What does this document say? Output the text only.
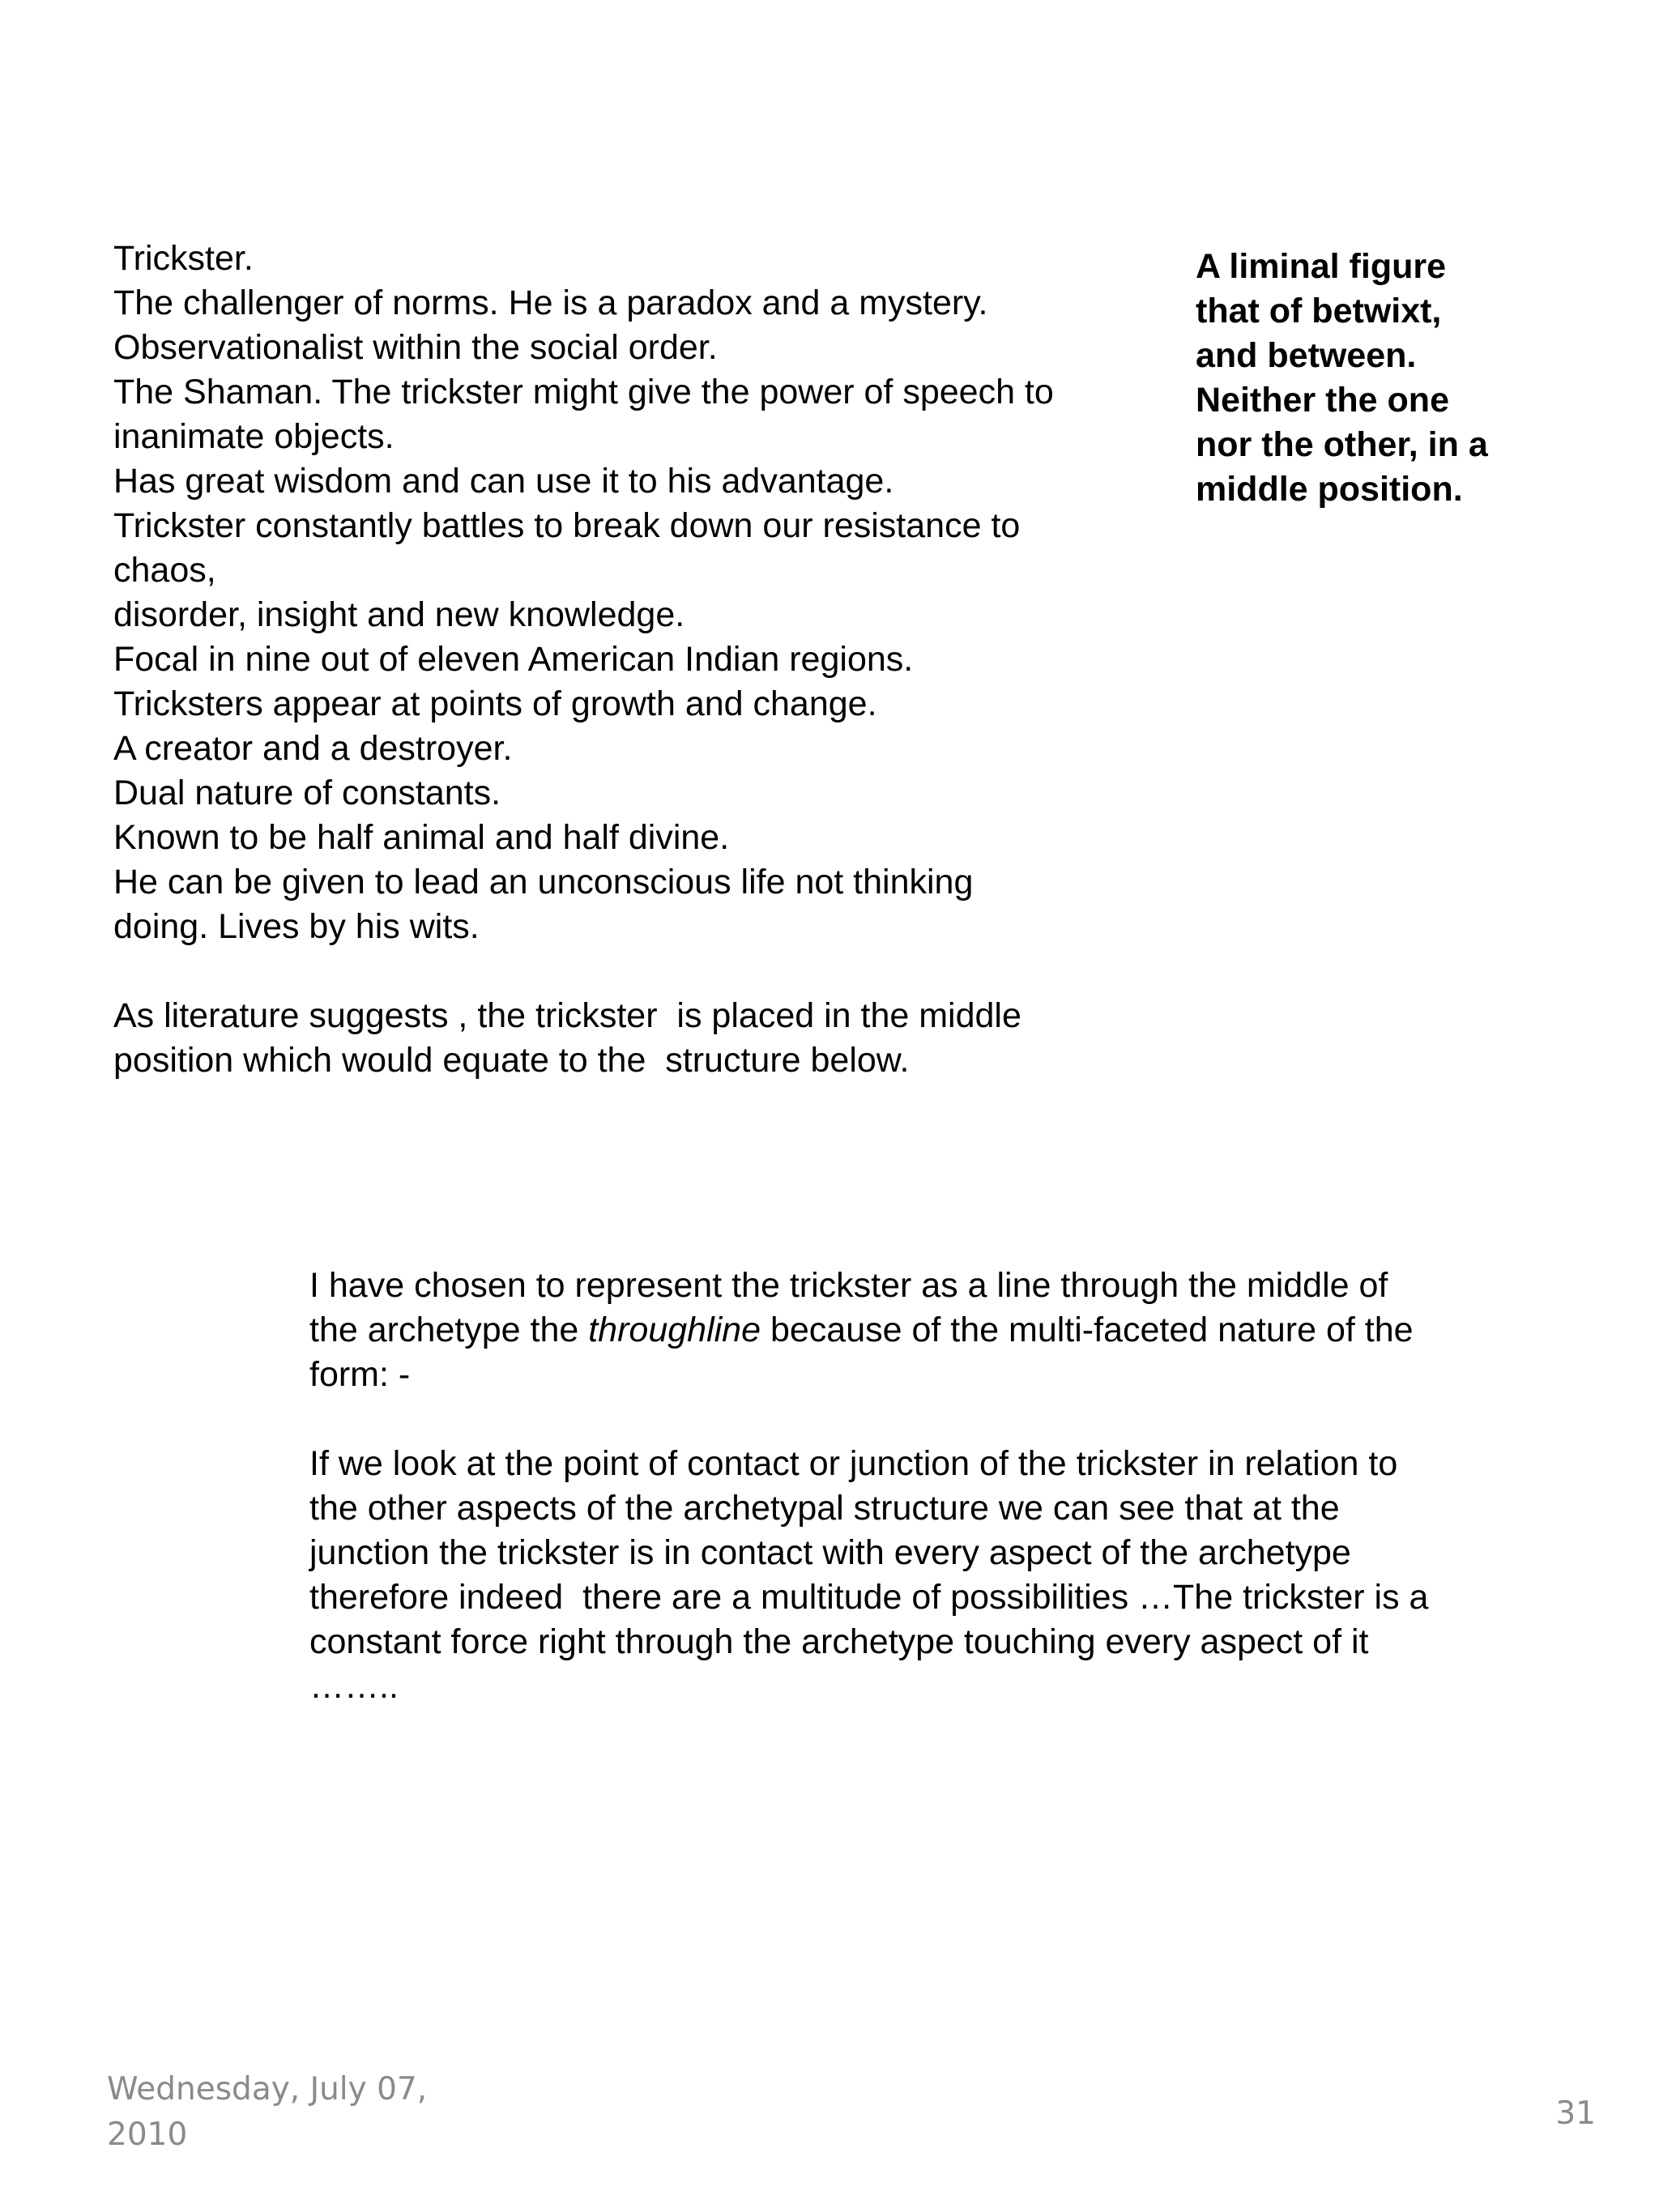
Trickster.
The challenger of norms. He is a paradox and a mystery.
Observationalist within the social order.
The Shaman. The trickster might give the power of speech to
inanimate objects.
Has great wisdom and can use it to his advantage.
Trickster constantly battles to break down our resistance to
chaos,
disorder, insight and new knowledge.
Focal in nine out of eleven American Indian regions.
Tricksters appear at points of growth and change.
A creator and a destroyer.
Dual nature of constants.
Known to be half animal and half divine.
He can be given to lead an unconscious life not thinking
doing. Lives by his wits.
As literature suggests , the trickster  is placed in the middle
position which would equate to the  structure below.
A liminal figure
that of betwixt,
and between.
Neither the one
nor the other, in a
middle position.
I have chosen to represent the trickster as a line through the middle of
the archetype the throughline because of the multi-faceted nature of the
form: -
If we look at the point of contact or junction of the trickster in relation to
the other aspects of the archetypal structure we can see that at the
junction the trickster is in contact with every aspect of the archetype
therefore indeed  there are a multitude of possibilities …The trickster is a
constant force right through the archetype touching every aspect of it
……..
Wednesday, July 07,
2010
31
